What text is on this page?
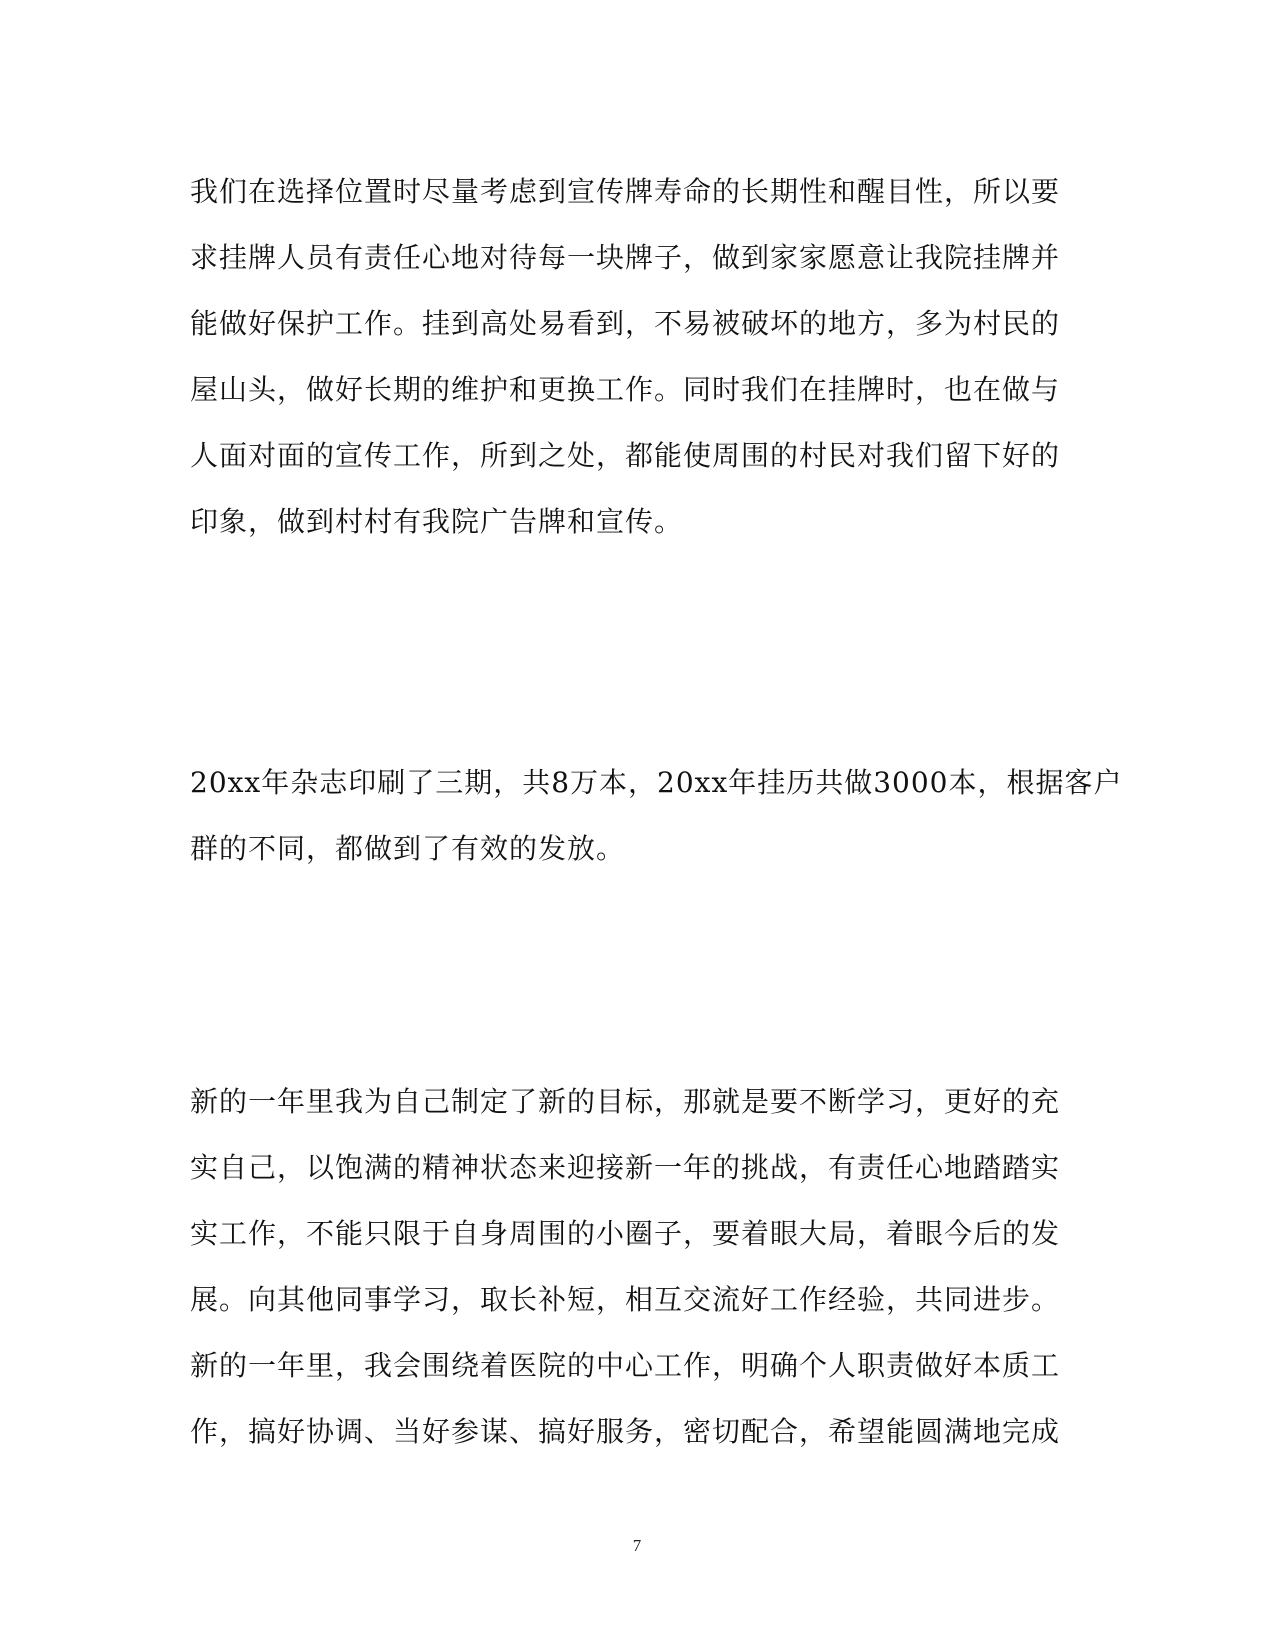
我们在选择位置时尽量考虑到宣传牌寿命的长期性和醒目性，所以要
求挂牌人员有责任心地对待每一块牌子，做到家家愿意让我院挂牌并
能做好保护工作。挂到高处易看到，不易被破坏的地方，多为村民的
屋山头，做好长期的维护和更换工作。同时我们在挂牌时，也在做与
人面对面的宣传工作，所到之处，都能使周围的村民对我们留下好的
印象，做到村村有我院广告牌和宣传。

20xx年杂志印刷了三期，共8万本，20xx年挂历共做3000本，根据客户
群的不同，都做到了有效的发放。

新的一年里我为自己制定了新的目标，那就是要不断学习，更好的充
实自己，以饱满的精神状态来迎接新一年的挑战，有责任心地踏踏实
实工作，不能只限于自身周围的小圈子，要着眼大局，着眼今后的发
展。向其他同事学习，取长补短，相互交流好工作经验，共同进步。
新的一年里，我会围绕着医院的中心工作，明确个人职责做好本质工
作，搞好协调、当好参谋、搞好服务，密切配合，希望能圆满地完成

7
